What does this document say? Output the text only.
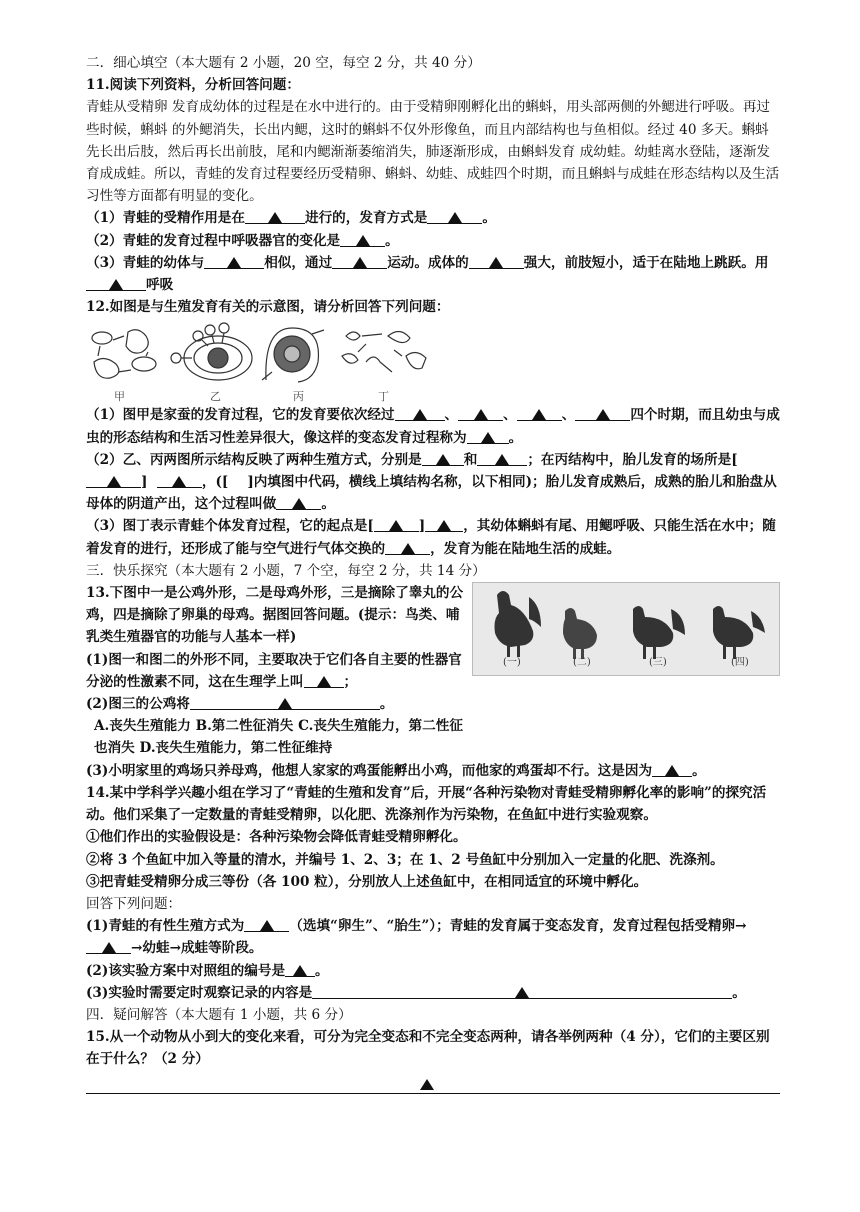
二．细心填空（本大题有 2 小题，20 空，每空 2 分，共 40 分）

11.阅读下列资料，分析回答问题：

青蛙从受精卵 发育成幼体的过程是在水中进行的。由于受精卵刚孵化出的蝌蚪，用头部两侧的外鳃进行呼吸。再过些时候，蝌蚪 的外鳃消失，长出内鳃，这时的蝌蚪不仅外形像鱼，而且内部结构也与鱼相似。经过 40 多天。蝌蚪先长出后肢，然后再长出前肢，尾和内鳃渐渐萎缩消失，肺逐渐形成，由蝌蚪发育 成幼蛙。幼蛙离水登陆，逐渐发育成成蛙。所以，青蛙的发育过程要经历受精卵、蝌蚪、幼蛙、成蛙四个时期，而且蝌蚪与成蛙在形态结构以及生活习性等方面都有明显的变化。

（1）青蛙的受精作用是在	进行的，发育方式是	。

（2）青蛙的发育过程中呼吸器官的变化是	。

（3）青蛙的幼体与	相似，通过	运动。成体的	强大，前肢短小，适于在陆地上跳跃。用呼吸

12.如图是与生殖发育有关的示意图，请分析回答下列问题：

甲	乙	丙	丁

（1）图甲是家蚕的发育过程，它的发育要依次经过	、	、	、	四个时期，而且幼虫与成虫的形态结构和生活习性差异很大，像这样的变态发育过程称为	。

（2）乙、丙两图所示结构反映了两种生殖方式，分别是	和	；在丙结构中，胎儿发育的场所是[]	，([ ]内填图中代码，横线上填结构名称，以下相同)；胎儿发育成熟后，成熟的胎儿和胎盘从母体的阴道产出，这个过程叫做	。

（3）图丁表示青蛙个体发育过程，它的起点是[	]	，其幼体蝌蚪有尾、用鳃呼吸、只能生活在水中；随着发育的进行，还形成了能与空气进行气体交换的	，发育为能在陆地生活的成蛙。

三．快乐探究（本大题有 2 小题，7 个空，每空 2 分，共 14 分）

(一)	(二)	(三)	(四)

13.下图中一是公鸡外形，二是母鸡外形，三是摘除了睾丸的公鸡，四是摘除了卵巢的母鸡。据图回答问题。(提示：鸟类、哺乳类生殖器官的功能与人基本一样)

(1)图一和图二的外形不同，主要取决于它们各自主要的性器官分泌的性激素不同，这在生理学上叫	；

(2)图三的公鸡将	。

A.丧失生殖能力 B.第二性征消失 C.丧失生殖能力，第二性征也消失 D.丧失生殖能力，第二性征维持

(3)小明家里的鸡场只养母鸡，他想人家家的鸡蛋能孵出小鸡，而他家的鸡蛋却不行。这是因为	。

14.某中学科学兴趣小组在学习了“青蛙的生殖和发育”后，开展“各种污染物对青蛙受精卵孵化率的影响”的探究活动。他们采集了一定数量的青蛙受精卵，以化肥、洗涤剂作为污染物，在鱼缸中进行实验观察。

①他们作出的实验假设是：各种污染物会降低青蛙受精卵孵化。

②将 3 个鱼缸中加入等量的清水，并编号 1、2、3；在 1、2 号鱼缸中分别加入一定量的化肥、洗涤剂。

③把青蛙受精卵分成三等份（各 100 粒），分别放人上述鱼缸中，在相同适宜的环境中孵化。

回答下列问题：

(1)青蛙的有性生殖方式为	（选填“卵生”、“胎生”）；青蛙的发育属于变态发育，发育过程包括受精卵→→幼蛙→成蛙等阶段。

(2)该实验方案中对照组的编号是 。

(3)实验时需要定时观察记录的内容是	。

四．疑问解答（本大题有 1 小题，共 6 分）

15.从一个动物从小到大的变化来看，可分为完全变态和不完全变态两种，请各举例两种（4 分），它们的主要区别在于什么？（2 分）
